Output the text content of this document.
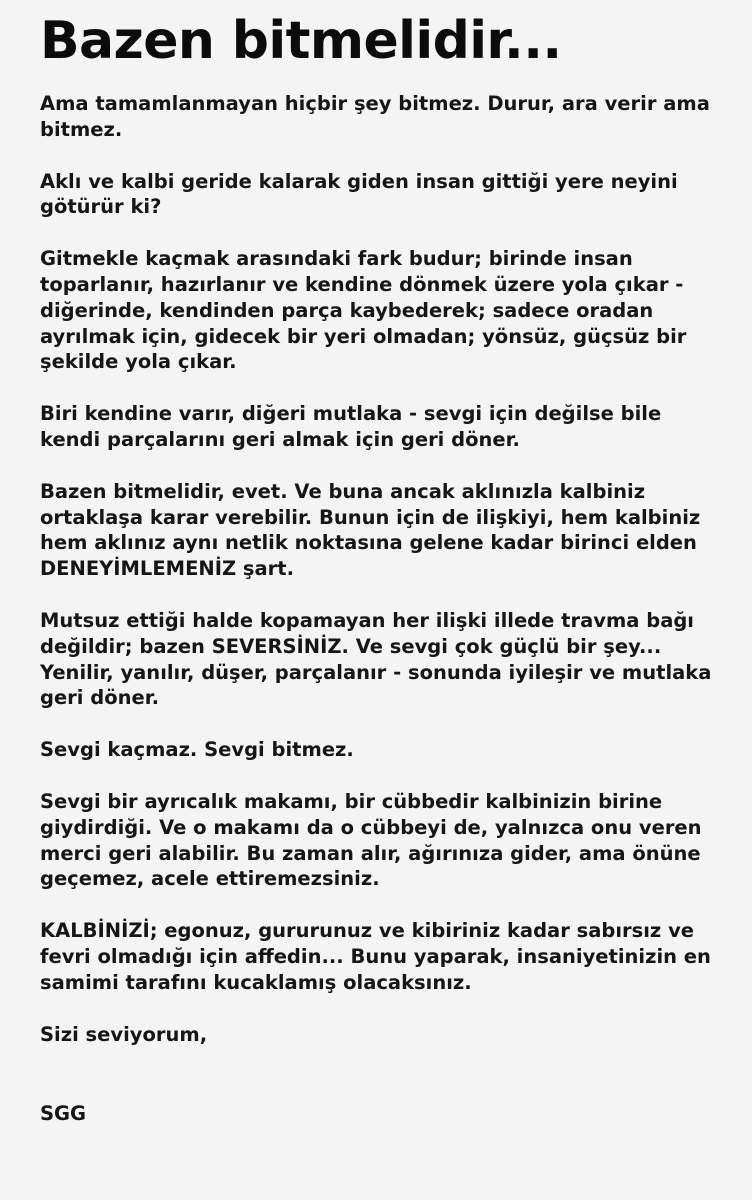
Bazen bitmelidir...

Ama tamamlanmayan hiçbir şey bitmez. Durur, ara verir ama bitmez.

Aklı ve kalbi geride kalarak giden insan gittiği yere neyini götürür ki?

Gitmekle kaçmak arasındaki fark budur; birinde insan toparlanır, hazırlanır ve kendine dönmek üzere yola çıkar - diğerinde, kendinden parça kaybederek; sadece oradan ayrılmak için, gidecek bir yeri olmadan; yönsüz, güçsüz bir şekilde yola çıkar.

Biri kendine varır, diğeri mutlaka - sevgi için değilse bile kendi parçalarını geri almak için geri döner.

Bazen bitmelidir, evet. Ve buna ancak aklınızla kalbiniz ortaklaşa karar verebilir. Bunun için de ilişkiyi, hem kalbiniz hem aklınız aynı netlik noktasına gelene kadar birinci elden DENEYİMLEMENİZ şart.

Mutsuz ettiği halde kopamayan her ilişki illede travma bağı değildir; bazen SEVERSİNİZ. Ve sevgi çok güçlü bir şey... Yenilir, yanılır, düşer, parçalanır - sonunda iyileşir ve mutlaka geri döner.

Sevgi kaçmaz. Sevgi bitmez.

Sevgi bir ayrıcalık makamı, bir cübbedir kalbinizin birine giydirdiği. Ve o makamı da o cübbeyi de, yalnızca onu veren merci geri alabilir. Bu zaman alır, ağırınıza gider, ama önüne geçemez, acele ettiremezsiniz.

KALBİNİZİ; egonuz, gururunuz ve kibiriniz kadar sabırsız ve fevri olmadığı için affedin... Bunu yaparak, insaniyetinizin en samimi tarafını kucaklamış olacaksınız.

Sizi seviyorum,

SGG
